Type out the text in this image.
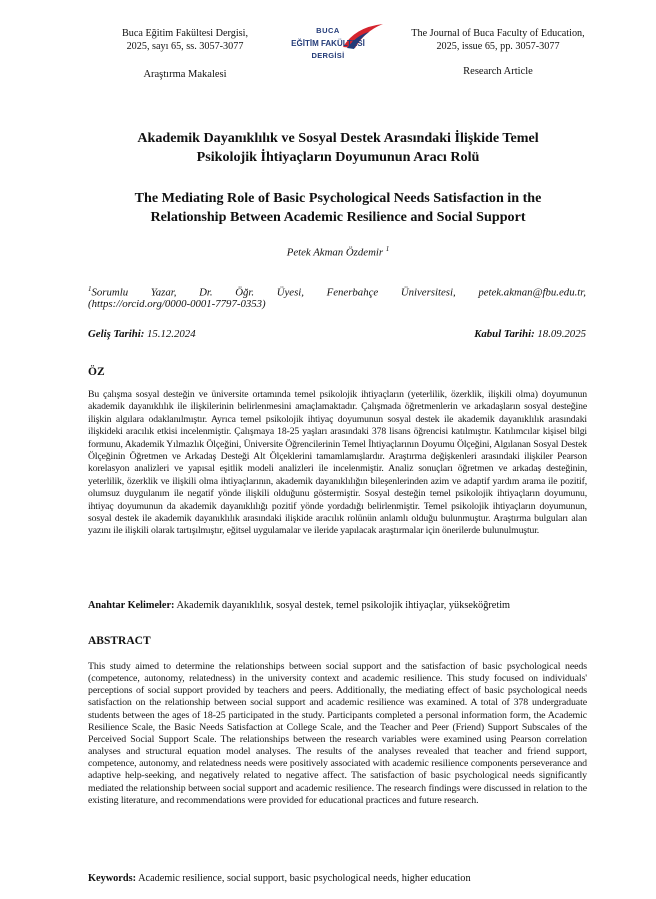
Buca Eğitim Fakültesi Dergisi,
2025, sayı 65, ss. 3057-3077
Araştırma Makalesi
BUCA
EĞİTİM FAKÜLTESİ
DERGİSİ
The Journal of Buca Faculty of Education,
2025, issue 65, pp. 3057-3077
Research Article
Akademik Dayanıklılık ve Sosyal Destek Arasındaki İlişkide Temel
Psikolojik İhtiyaçların Doyumunun Aracı Rolü
The Mediating Role of Basic Psychological Needs Satisfaction in the
Relationship Between Academic Resilience and Social Support
Petek Akman Özdemir $^1$
$^1$Sorumlu Yazar, Dr. Öğr. Üyesi, Fenerbahçe Üniversitesi, petek.akman@fbu.edu.tr,
(https://orcid.org/0000-0001-7797-0353)
Geliş Tarihi: 15.12.2024	Kabul Tarihi: 18.09.2025
ÖZ
Bu çalışma sosyal desteğin ve üniversite ortamında temel psikolojik ihtiyaçların (yeterlilik, özerklik, ilişkili olma) doyumunun akademik dayanıklılık ile ilişkilerinin belirlenmesini amaçlamaktadır. Çalışmada öğretmenlerin ve arkadaşların sosyal desteğine ilişkin algılara odaklanılmıştır. Ayrıca temel psikolojik ihtiyaç doyumunun sosyal destek ile akademik dayanıklılık arasındaki ilişkideki aracılık etkisi incelenmiştir. Çalışmaya 18-25 yaşları arasındaki 378 lisans öğrencisi katılmıştır. Katılımcılar kişisel bilgi formunu, Akademik Yılmazlık Ölçeğini, Üniversite Öğrencilerinin Temel İhtiyaçlarının Doyumu Ölçeğini, Algılanan Sosyal Destek Ölçeğinin Öğretmen ve Arkadaş Desteği Alt Ölçeklerini tamamlamışlardır. Araştırma değişkenleri arasındaki ilişkiler Pearson korelasyon analizleri ve yapısal eşitlik modeli analizleri ile incelenmiştir. Analiz sonuçları öğretmen ve arkadaş desteğinin, yeterlilik, özerklik ve ilişkili olma ihtiyaçlarının, akademik dayanıklılığın bileşenlerinden azim ve adaptif yardım arama ile pozitif, olumsuz duygulanım ile negatif yönde ilişkili olduğunu göstermiştir. Sosyal desteğin temel psikolojik ihtiyaçların doyumunu, ihtiyaç doyumunun da akademik dayanıklılığı pozitif yönde yordadığı belirlenmiştir. Temel psikolojik ihtiyaçların doyumunun, sosyal destek ile akademik dayanıklılık arasındaki ilişkide aracılık rolünün anlamlı olduğu bulunmuştur. Araştırma bulguları alan yazını ile ilişkili olarak tartışılmıştır, eğitsel uygulamalar ve ileride yapılacak araştırmalar için önerilerde bulunulmuştur.
Anahtar Kelimeler: Akademik dayanıklılık, sosyal destek, temel psikolojik ihtiyaçlar, yükseköğretim
ABSTRACT
This study aimed to determine the relationships between social support and the satisfaction of basic psychological needs (competence, autonomy, relatedness) in the university context and academic resilience. This study focused on individuals' perceptions of social support provided by teachers and peers. Additionally, the mediating effect of basic psychological needs satisfaction on the relationship between social support and academic resilience was examined. A total of 378 undergraduate students between the ages of 18-25 participated in the study. Participants completed a personal information form, the Academic Resilience Scale, the Basic Needs Satisfaction at College Scale, and the Teacher and Peer (Friend) Support Subscales of the Perceived Social Support Scale. The relationships between the research variables were examined using Pearson correlation analyses and structural equation model analyses. The results of the analyses revealed that teacher and friend support, competence, autonomy, and relatedness needs were positively associated with academic resilience components perseverance and adaptive help-seeking, and negatively related to negative affect. The satisfaction of basic psychological needs significantly mediated the relationship between social support and academic resilience. The research findings were discussed in relation to the existing literature, and recommendations were provided for educational practices and future research.
Keywords: Academic resilience, social support, basic psychological needs, higher education
